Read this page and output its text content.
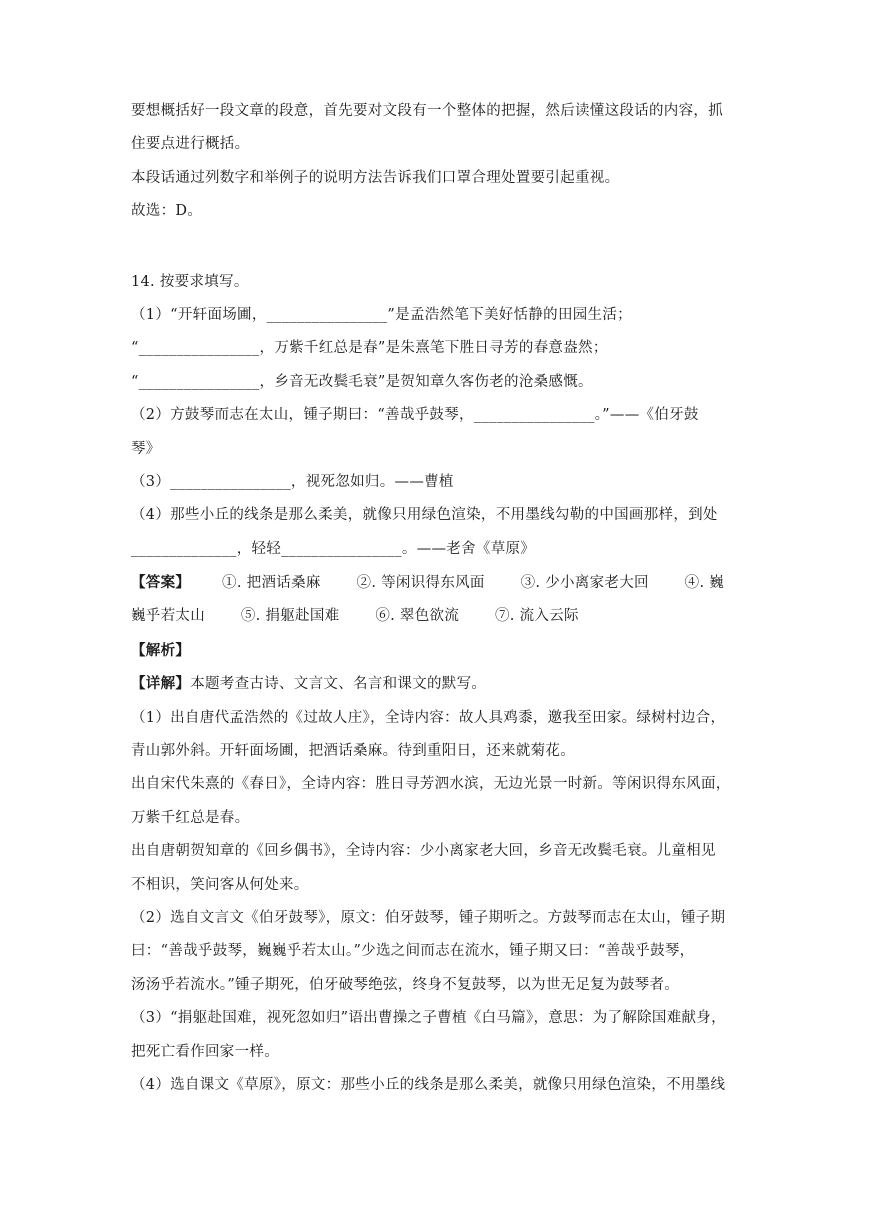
要想概括好一段文章的段意，首先要对文段有一个整体的把握，然后读懂这段话的内容，抓
住要点进行概括。
本段话通过列数字和举例子的说明方法告诉我们口罩合理处置要引起重视。
故选：D。
14. 按要求填写。
（1）“开轩面场圃，________________”是孟浩然笔下美好恬静的田园生活；
“________________，万紫千红总是春”是朱熹笔下胜日寻芳的春意盎然；
“________________，乡音无改鬓毛衰”是贺知章久客伤老的沧桑感慨。
（2）方鼓琴而志在太山，锺子期曰：“善哉乎鼓琴，________________。”——《伯牙鼓
琴》
（3）________________，视死忽如归。——曹植
（4）那些小丘的线条是那么柔美，就像只用绿色渲染，不用墨线勾勒的中国画那样，到处
______________，轻轻________________。——老舍《草原》
【答案】 ①. 把酒话桑麻 ②. 等闲识得东风面 ③. 少小离家老大回 ④. 巍
巍乎若太山 ⑤. 捐躯赴国难 ⑥. 翠色欲流 ⑦. 流入云际
【解析】
【详解】本题考查古诗、文言文、名言和课文的默写。
（1）出自唐代孟浩然的《过故人庄》，全诗内容：故人具鸡黍，邀我至田家。绿树村边合，
青山郭外斜。开轩面场圃，把酒话桑麻。待到重阳日，还来就菊花。
出自宋代朱熹的《春日》，全诗内容：胜日寻芳泗水滨，无边光景一时新。等闲识得东风面，
万紫千红总是春。
出自唐朝贺知章的《回乡偶书》，全诗内容：少小离家老大回，乡音无改鬓毛衰。儿童相见
不相识，笑问客从何处来。
（2）选自文言文《伯牙鼓琴》，原文：伯牙鼓琴，锺子期听之。方鼓琴而志在太山，锺子期
曰：“善哉乎鼓琴，巍巍乎若太山。”少选之间而志在流水，锺子期又曰：“善哉乎鼓琴，
汤汤乎若流水。”锺子期死，伯牙破琴绝弦，终身不复鼓琴，以为世无足复为鼓琴者。
（3）“捐躯赴国难，视死忽如归”语出曹操之子曹植《白马篇》，意思：为了解除国难献身，
把死亡看作回家一样。
（4）选自课文《草原》，原文：那些小丘的线条是那么柔美，就像只用绿色渲染，不用墨线
